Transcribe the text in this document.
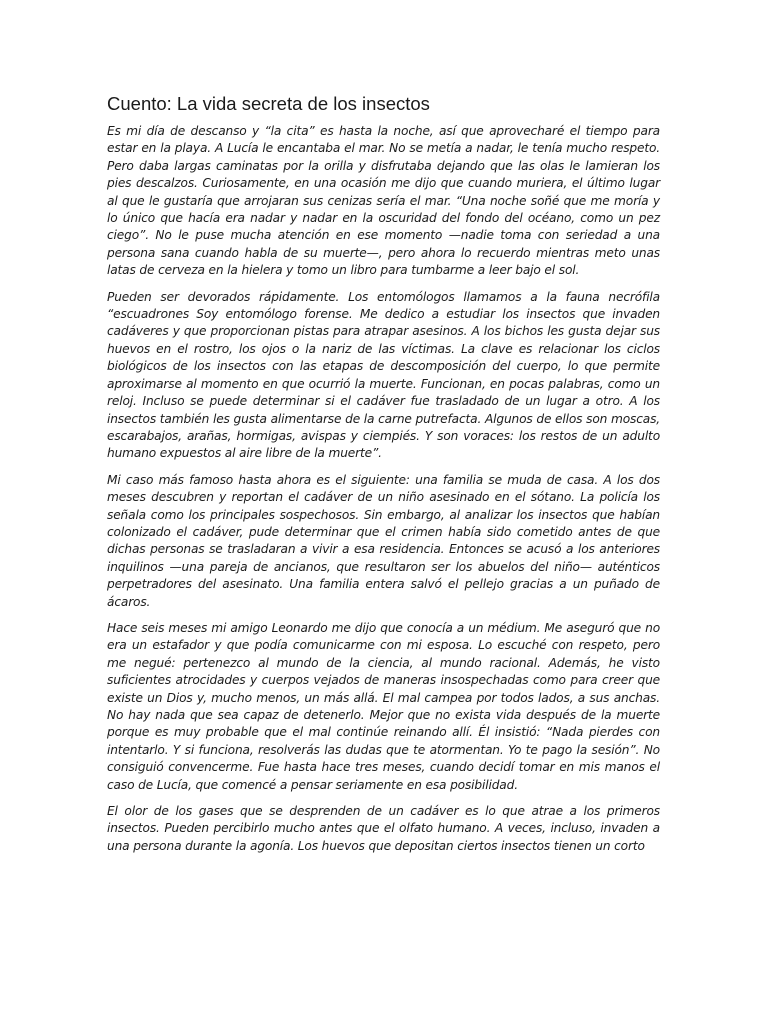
Cuento: La vida secreta de los insectos

Es mi día de descanso y “la cita” es hasta la noche, así que aprovecharé el tiempo para estar en la playa. A Lucía le encantaba el mar. No se metía a nadar, le tenía mucho respeto. Pero daba largas caminatas por la orilla y disfrutaba dejando que las olas le lamieran los pies descalzos. Curiosamente, en una ocasión me dijo que cuando muriera, el último lugar al que le gustaría que arrojaran sus cenizas sería el mar. “Una noche soñé que me moría y lo único que hacía era nadar y nadar en la oscuridad del fondo del océano, como un pez ciego”. No le puse mucha atención en ese momento —nadie toma con seriedad a una persona sana cuando habla de su muerte—, pero ahora lo recuerdo mientras meto unas latas de cerveza en la hielera y tomo un libro para tumbarme a leer bajo el sol.

Pueden ser devorados rápidamente. Los entomólogos llamamos a la fauna necrófila “escuadrones Soy entomólogo forense. Me dedico a estudiar los insectos que invaden cadáveres y que proporcionan pistas para atrapar asesinos. A los bichos les gusta dejar sus huevos en el rostro, los ojos o la nariz de las víctimas. La clave es relacionar los ciclos biológicos de los insectos con las etapas de descomposición del cuerpo, lo que permite aproximarse al momento en que ocurrió la muerte. Funcionan, en pocas palabras, como un reloj. Incluso se puede determinar si el cadáver fue trasladado de un lugar a otro. A los insectos también les gusta alimentarse de la carne putrefacta. Algunos de ellos son moscas, escarabajos, arañas, hormigas, avispas y ciempiés. Y son voraces: los restos de un adulto humano expuestos al aire libre de la muerte”.

Mi caso más famoso hasta ahora es el siguiente: una familia se muda de casa. A los dos meses descubren y reportan el cadáver de un niño asesinado en el sótano. La policía los señala como los principales sospechosos. Sin embargo, al analizar los insectos que habían colonizado el cadáver, pude determinar que el crimen había sido cometido antes de que dichas personas se trasladaran a vivir a esa residencia. Entonces se acusó a los anteriores inquilinos —una pareja de ancianos, que resultaron ser los abuelos del niño— auténticos perpetradores del asesinato. Una familia entera salvó el pellejo gracias a un puñado de ácaros.

Hace seis meses mi amigo Leonardo me dijo que conocía a un médium. Me aseguró que no era un estafador y que podía comunicarme con mi esposa. Lo escuché con respeto, pero me negué: pertenezco al mundo de la ciencia, al mundo racional. Además, he visto suficientes atrocidades y cuerpos vejados de maneras insospechadas como para creer que existe un Dios y, mucho menos, un más allá. El mal campea por todos lados, a sus anchas. No hay nada que sea capaz de detenerlo. Mejor que no exista vida después de la muerte porque es muy probable que el mal continúe reinando allí. Él insistió: “Nada pierdes con intentarlo. Y si funciona, resolverás las dudas que te atormentan. Yo te pago la sesión”. No consiguió convencerme. Fue hasta hace tres meses, cuando decidí tomar en mis manos el caso de Lucía, que comencé a pensar seriamente en esa posibilidad.

El olor de los gases que se desprenden de un cadáver es lo que atrae a los primeros insectos. Pueden percibirlo mucho antes que el olfato humano. A veces, incluso, invaden a una persona durante la agonía. Los huevos que depositan ciertos insectos tienen un corto
